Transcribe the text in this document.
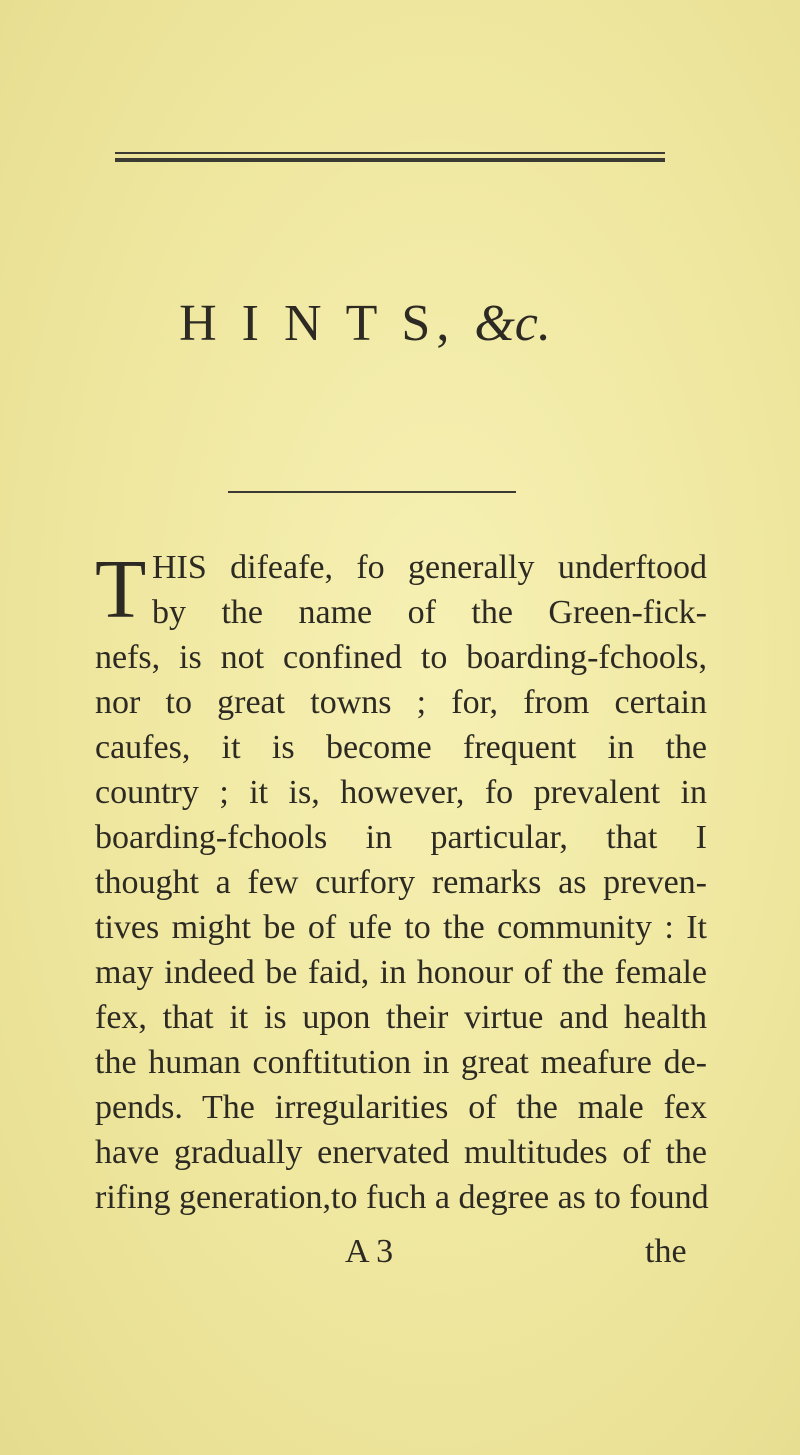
H I N T S, &c.
T HIS difeafe, fo generally underftood
by the name of the Green-fick-
nefs, is not confined to boarding-fchools,
nor to great towns ; for, from certain
caufes, it is become frequent in the
country ; it is, however, fo prevalent in
boarding-fchools in particular, that I
thought a few curfory remarks as preven-
tives might be of ufe to the community : It
may indeed be faid, in honour of the female
fex, that it is upon their virtue and health
the human conftitution in great meafure de-
pends. The irregularities of the male fex
have gradually enervated multitudes of the
rifing generation,to fuch a degree as to found
A 3	the
